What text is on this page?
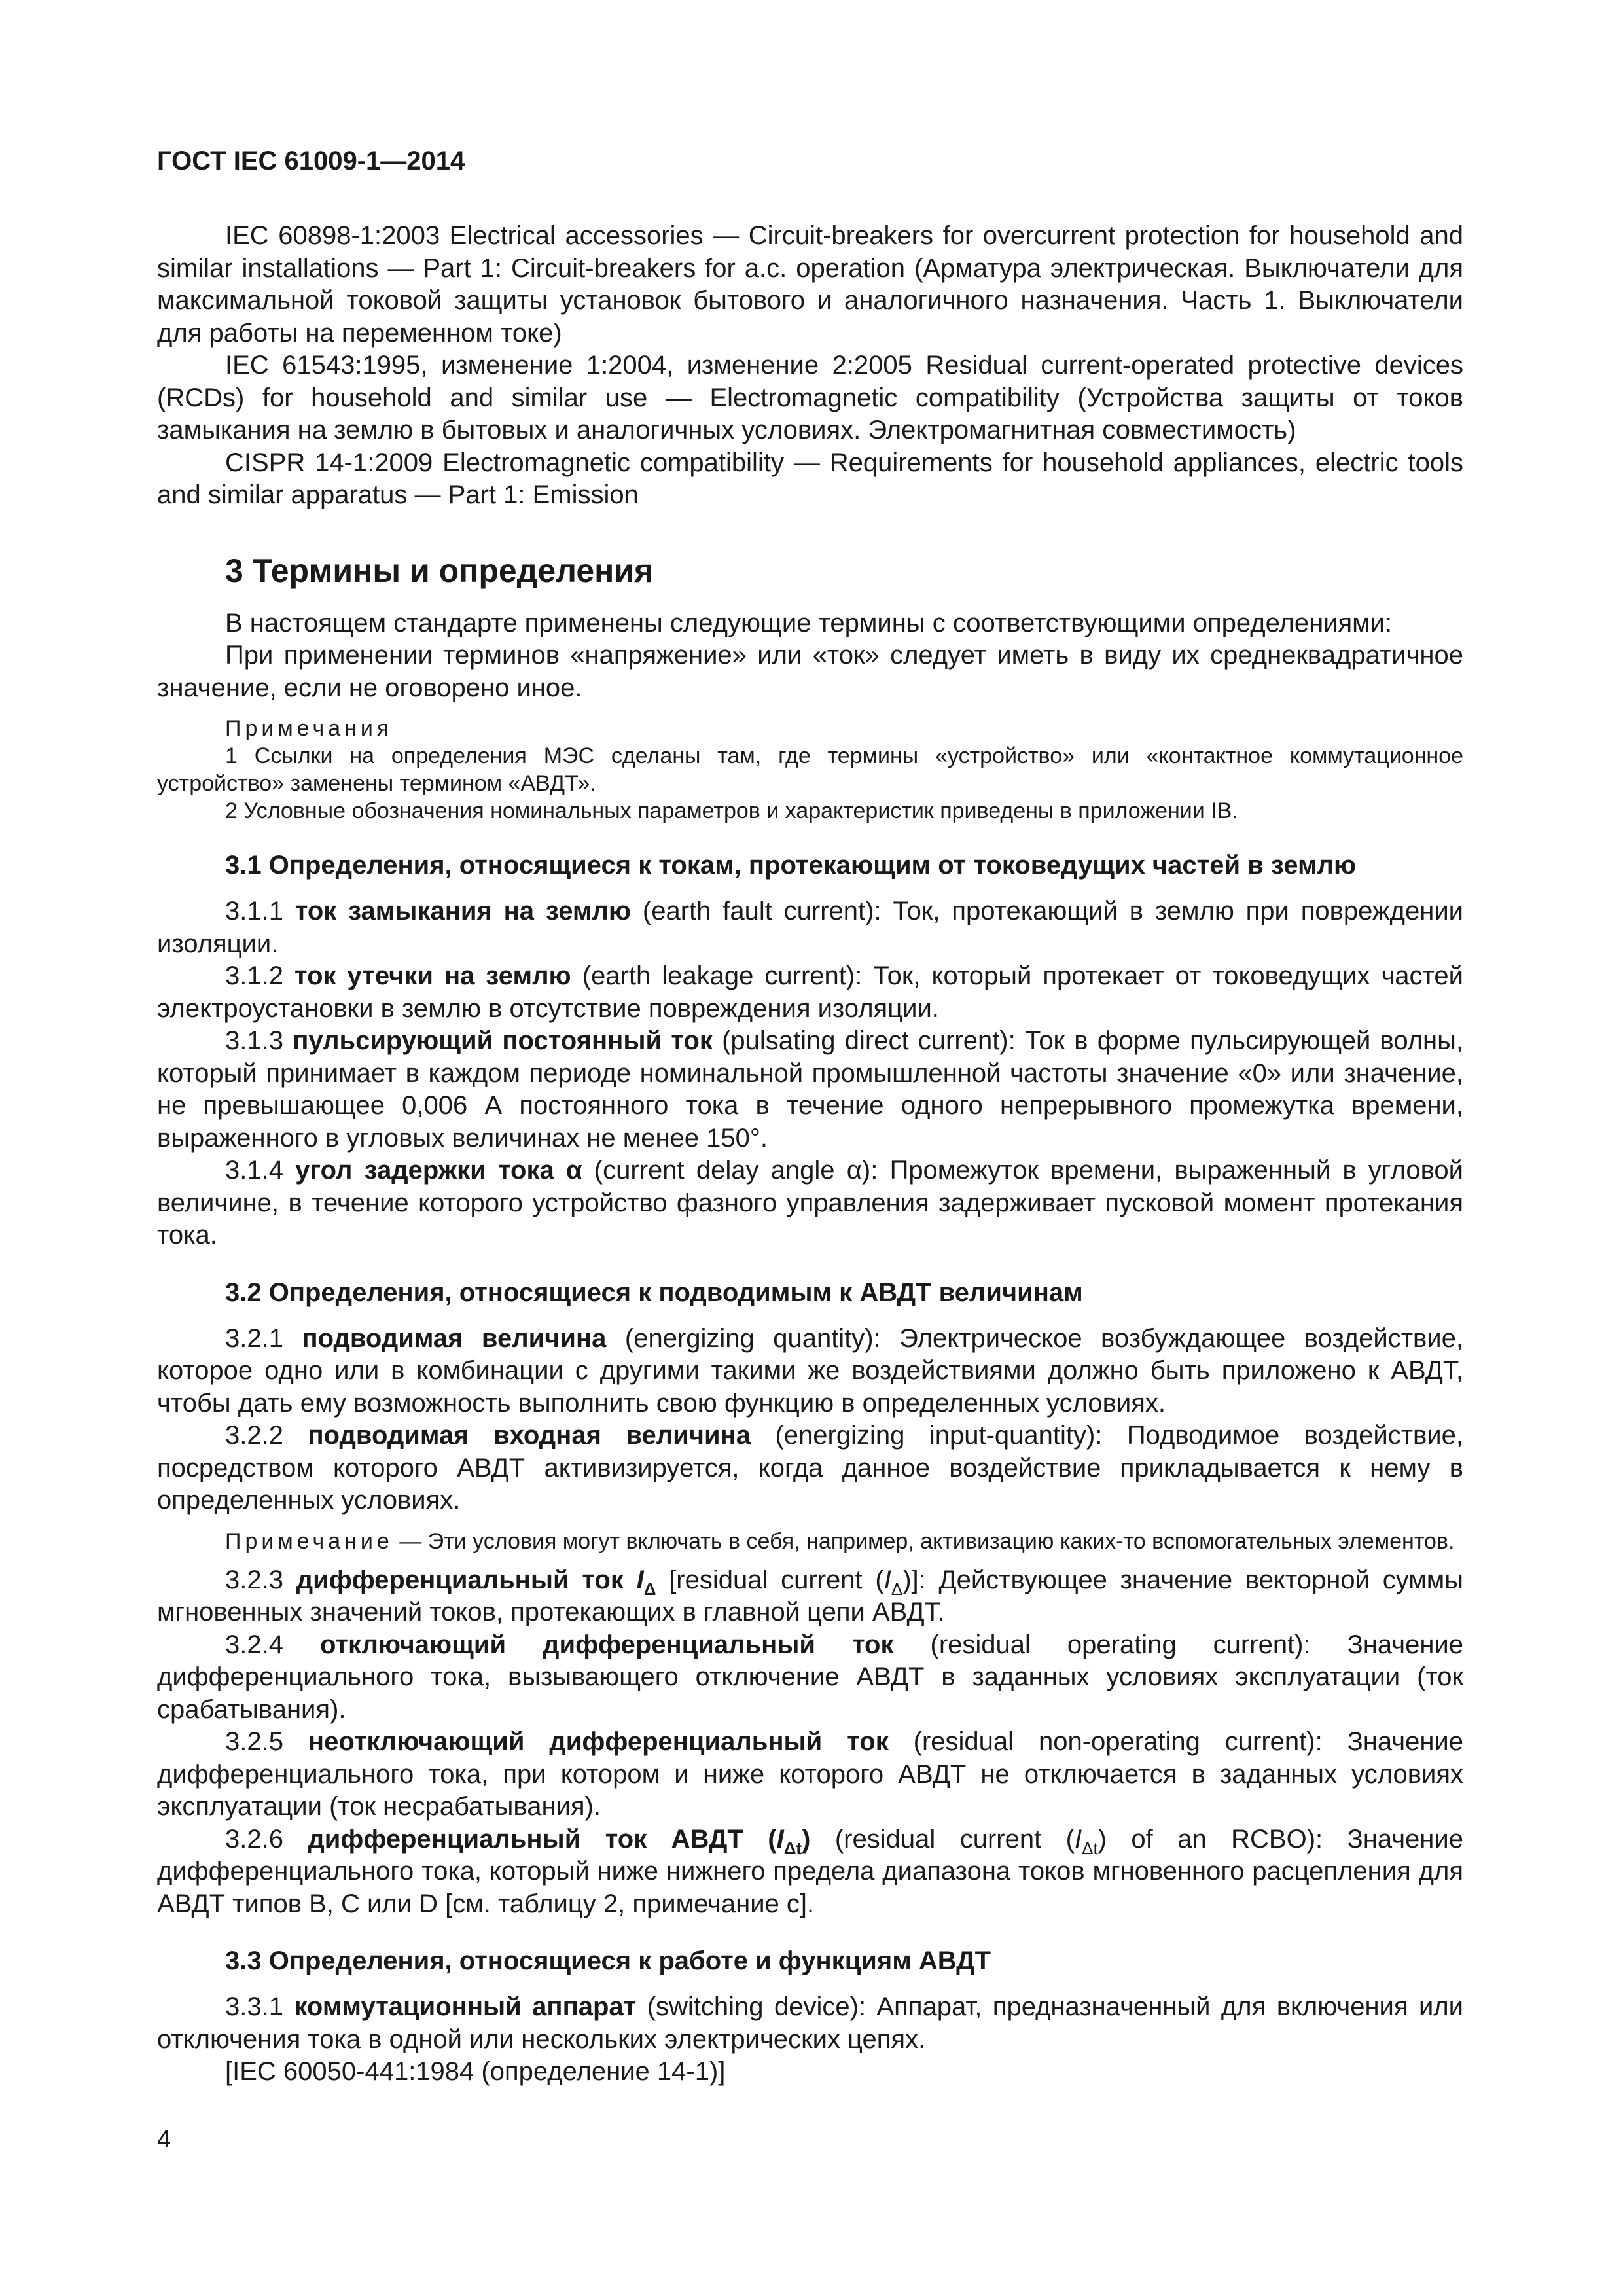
ГОСТ IEC 61009-1—2014

IEC 60898-1:2003 Electrical accessories — Circuit-breakers for overcurrent protection for household and similar installations — Part 1: Circuit-breakers for a.c. operation (Арматура электрическая. Выключатели для максимальной токовой защиты установок бытового и аналогичного назначения. Часть 1. Выключатели для работы на переменном токе)

IEC 61543:1995, изменение 1:2004, изменение 2:2005 Residual current-operated protective devices (RCDs) for household and similar use — Electromagnetic compatibility (Устройства защиты от токов замыкания на землю в бытовых и аналогичных условиях. Электромагнитная совместимость)

CISPR 14-1:2009 Electromagnetic compatibility — Requirements for household appliances, electric tools and similar apparatus — Part 1: Emission

3 Термины и определения

В настоящем стандарте применены следующие термины с соответствующими определениями:

При применении терминов «напряжение» или «ток» следует иметь в виду их среднеквадратичное значение, если не оговорено иное.

Примечания

1 Ссылки на определения МЭС сделаны там, где термины «устройство» или «контактное коммутационное устройство» заменены термином «АВДТ».

2 Условные обозначения номинальных параметров и характеристик приведены в приложении IB.

3.1 Определения, относящиеся к токам, протекающим от токоведущих частей в землю

3.1.1 ток замыкания на землю (earth fault current): Ток, протекающий в землю при повреждении изоляции.

3.1.2 ток утечки на землю (earth leakage current): Ток, который протекает от токоведущих частей электроустановки в землю в отсутствие повреждения изоляции.

3.1.3 пульсирующий постоянный ток (pulsating direct current): Ток в форме пульсирующей волны, который принимает в каждом периоде номинальной промышленной частоты значение «0» или значение, не превышающее 0,006 А постоянного тока в течение одного непрерывного промежутка времени, выраженного в угловых величинах не менее 150°.

3.1.4 угол задержки тока α (current delay angle α): Промежуток времени, выраженный в угловой величине, в течение которого устройство фазного управления задерживает пусковой момент протекания тока.

3.2 Определения, относящиеся к подводимым к АВДТ величинам

3.2.1 подводимая величина (energizing quantity): Электрическое возбуждающее воздействие, которое одно или в комбинации с другими такими же воздействиями должно быть приложено к АВДТ, чтобы дать ему возможность выполнить свою функцию в определенных условиях.

3.2.2 подводимая входная величина (energizing input-quantity): Подводимое воздействие, посредством которого АВДТ активизируется, когда данное воздействие прикладывается к нему в определенных условиях.

Примечание — Эти условия могут включать в себя, например, активизацию каких-то вспомогательных элементов.

3.2.3 дифференциальный ток $I_\Delta$ [residual current $(I_\Delta)$]: Действующее значение векторной суммы мгновенных значений токов, протекающих в главной цепи АВДТ.

3.2.4 отключающий дифференциальный ток (residual operating current): Значение дифференциального тока, вызывающего отключение АВДТ в заданных условиях эксплуатации (ток срабатывания).

3.2.5 неотключающий дифференциальный ток (residual non-operating current): Значение дифференциального тока, при котором и ниже которого АВДТ не отключается в заданных условиях эксплуатации (ток несрабатывания).

3.2.6 дифференциальный ток АВДТ $(I_{\Delta t})$ (residual current $(I_{\Delta t})$ of an RCBO): Значение дифференциального тока, который ниже нижнего предела диапазона токов мгновенного расцепления для АВДТ типов B, C или D [см. таблицу 2, примечание с].

3.3 Определения, относящиеся к работе и функциям АВДТ

3.3.1 коммутационный аппарат (switching device): Аппарат, предназначенный для включения или отключения тока в одной или нескольких электрических цепях.

[IEC 60050-441:1984 (определение 14-1)]

4
